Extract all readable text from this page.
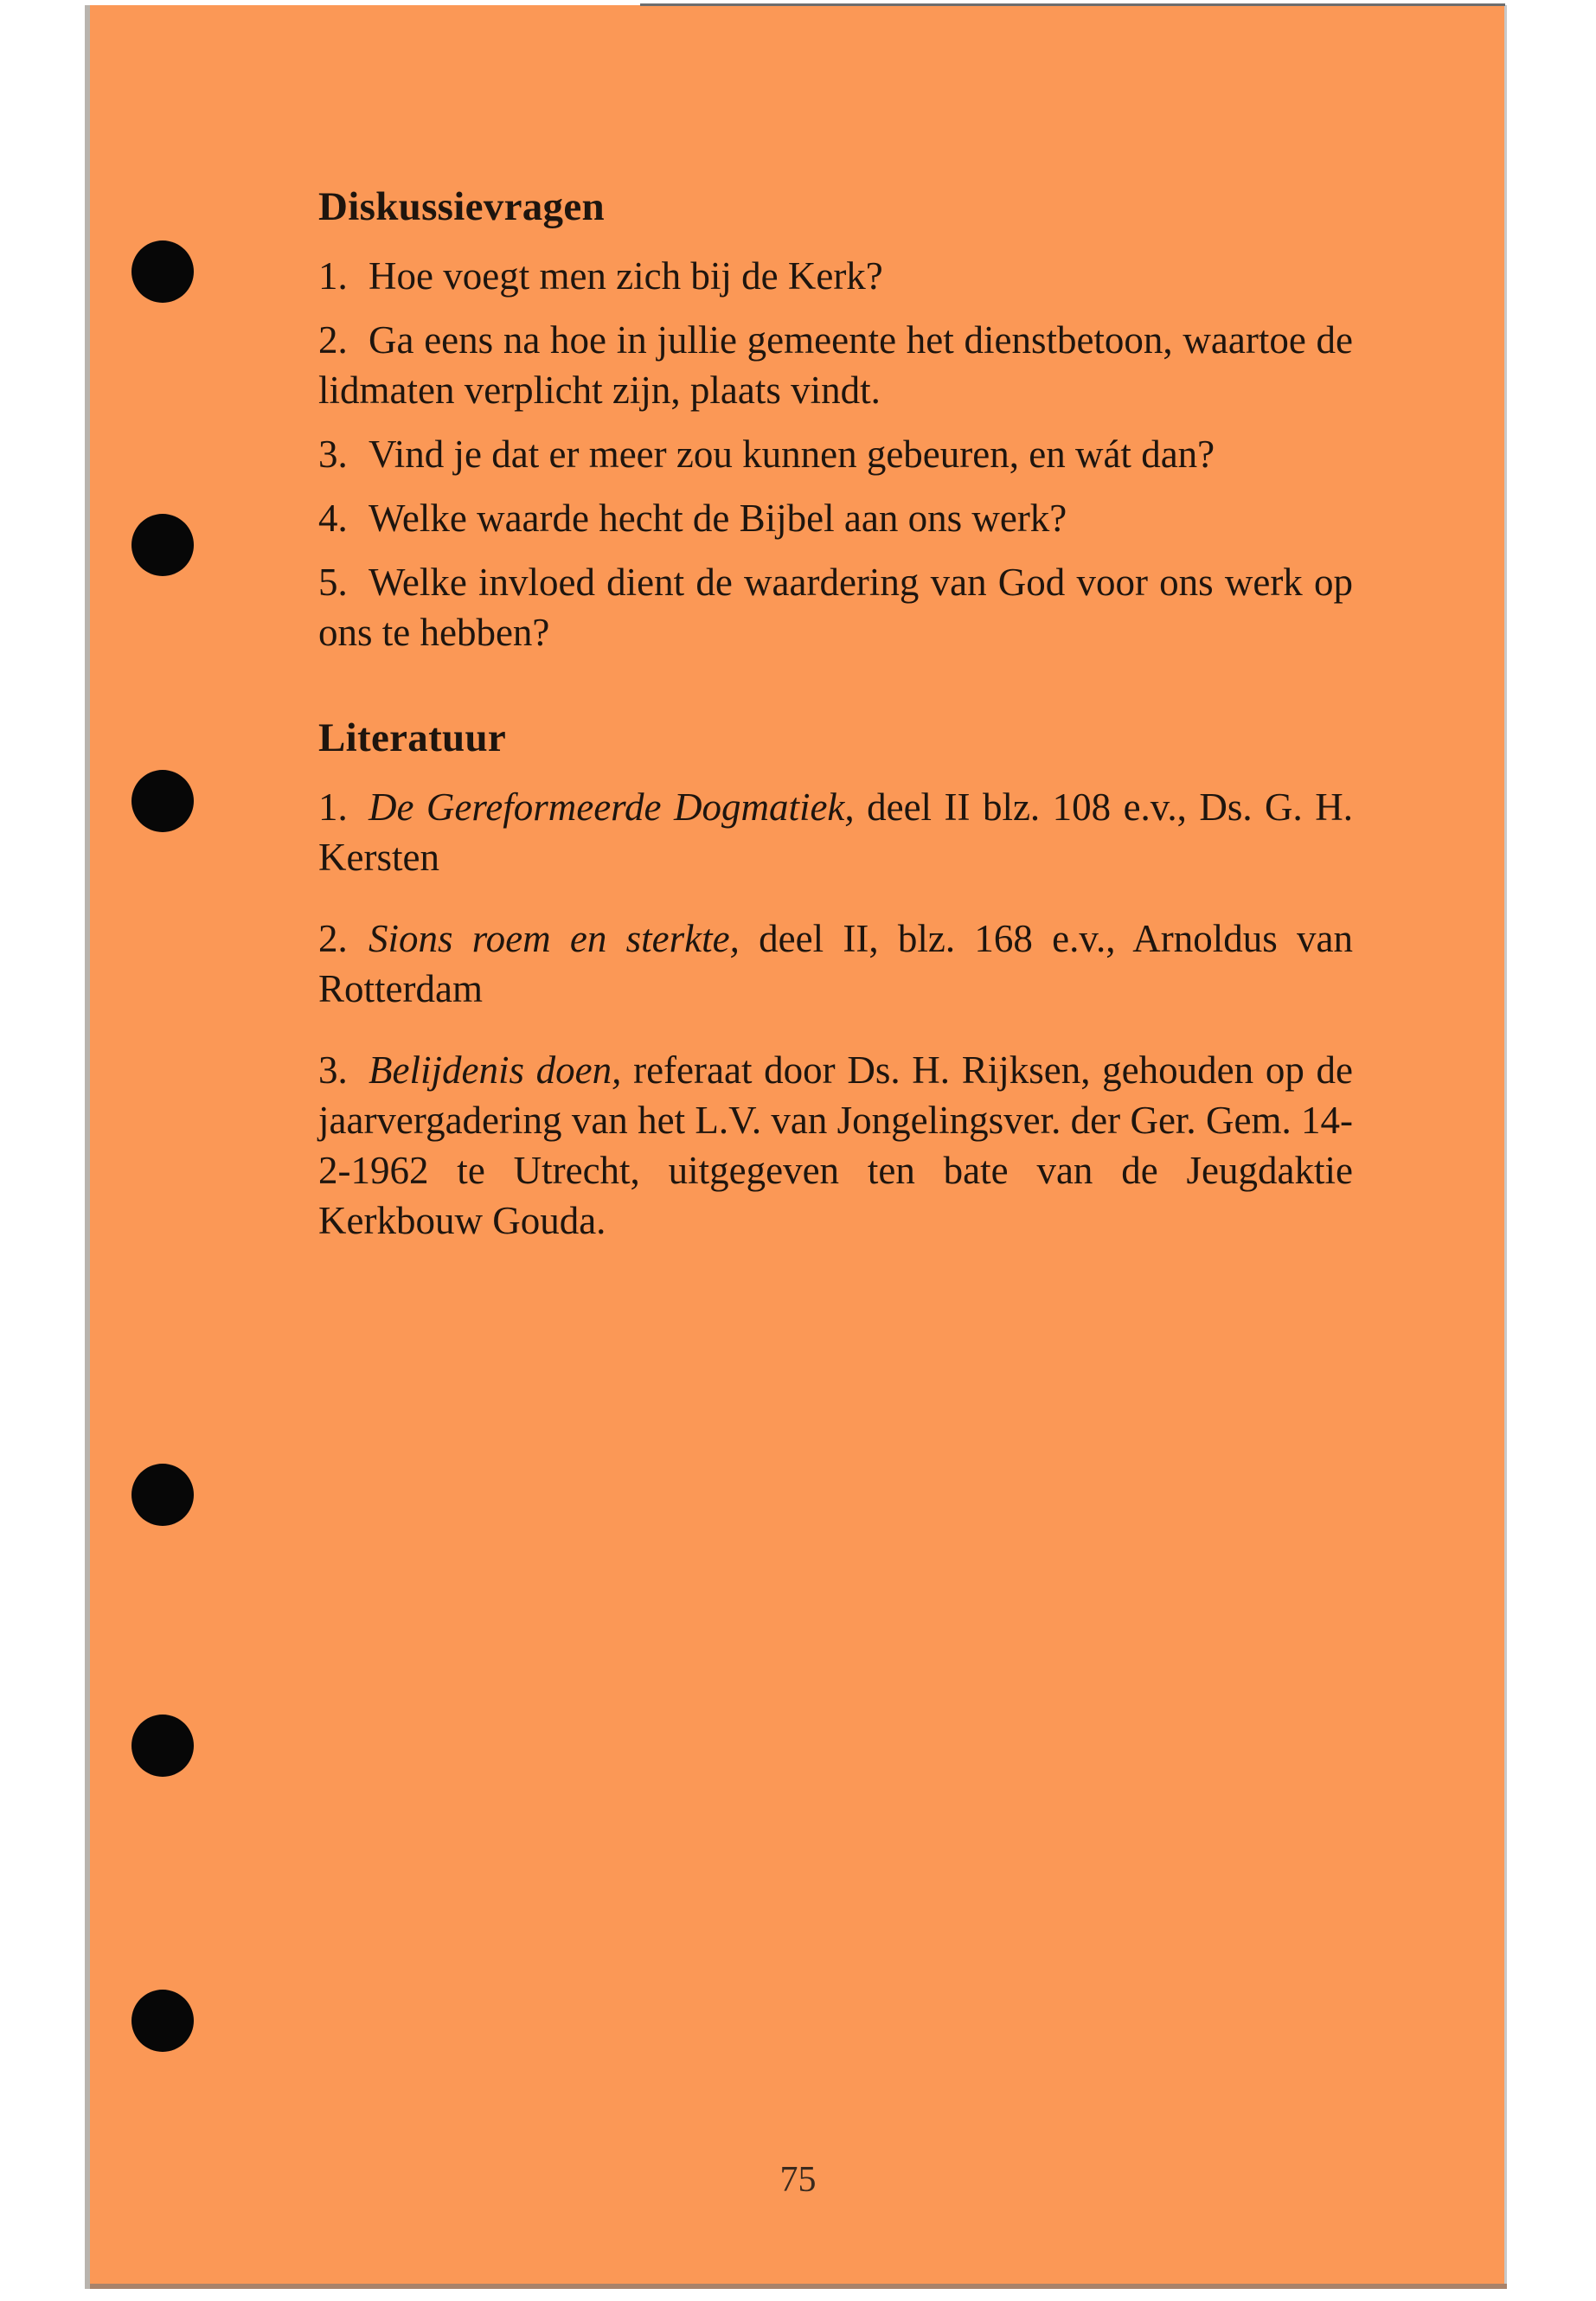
Diskussievragen
1. Hoe voegt men zich bij de Kerk?
2. Ga eens na hoe in jullie gemeente het dienstbetoon, waartoe de lidmaten verplicht zijn, plaats vindt.
3. Vind je dat er meer zou kunnen gebeuren, en wát dan?
4. Welke waarde hecht de Bijbel aan ons werk?
5. Welke invloed dient de waardering van God voor ons werk op ons te hebben?
Literatuur
1. De Gereformeerde Dogmatiek, deel II blz. 108 e.v., Ds. G. H. Kersten
2. Sions roem en sterkte, deel II, blz. 168 e.v., Arnoldus van Rotterdam
3. Belijdenis doen, referaat door Ds. H. Rijksen, gehouden op de jaarvergadering van het L.V. van Jongelingsver. der Ger. Gem. 14-2-1962 te Utrecht, uitgegeven ten bate van de Jeugdaktie Kerkbouw Gouda.
75
